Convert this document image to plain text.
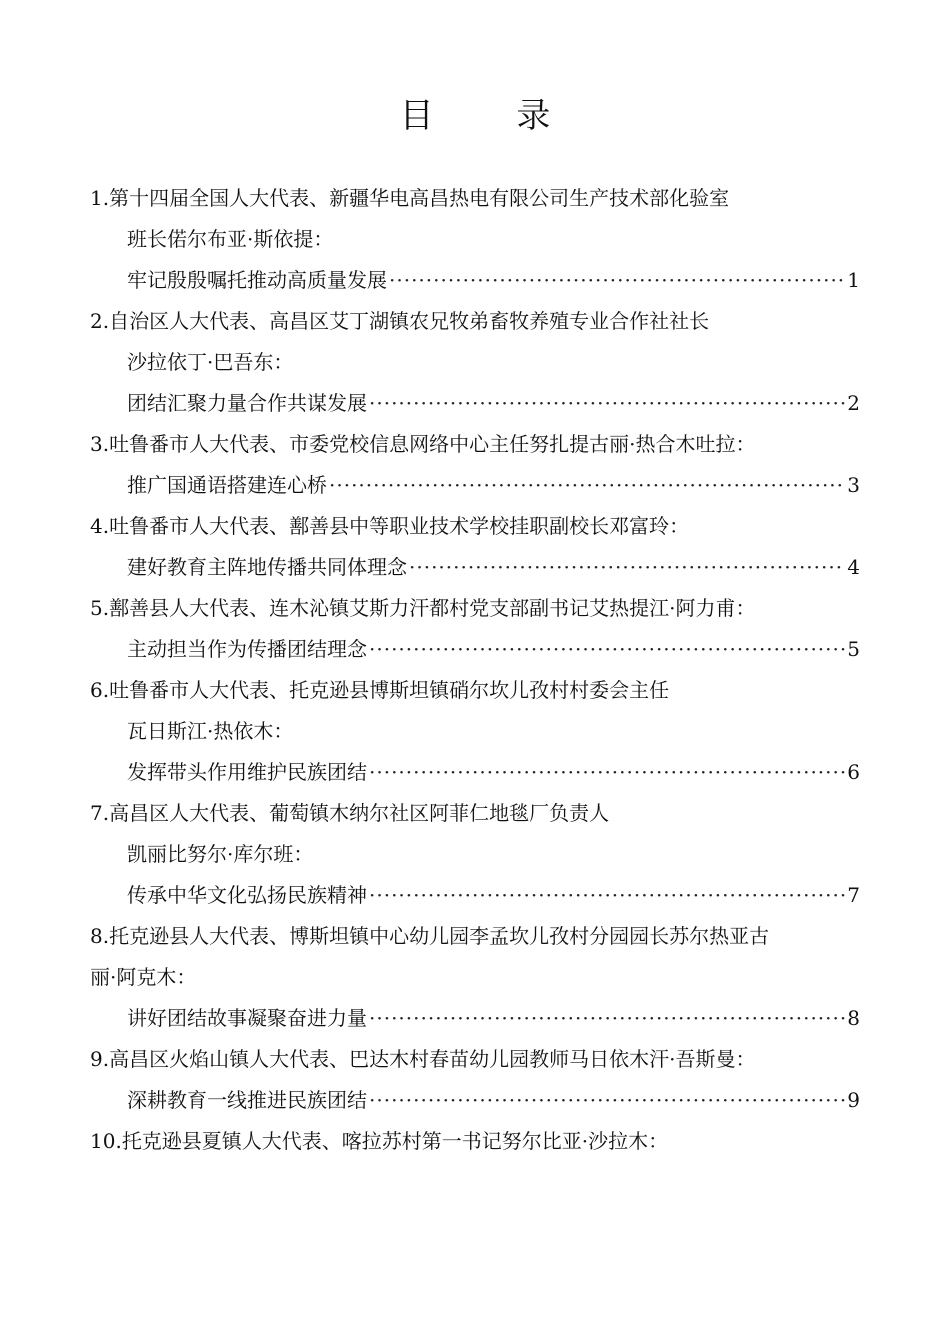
目 录
1.第十四届全国人大代表、新疆华电高昌热电有限公司生产技术部化验室
班长偌尔布亚·斯依提：
牢记殷殷嘱托推动高质量发展 ·····	1
2.自治区人大代表、高昌区艾丁湖镇农兄牧弟畜牧养殖专业合作社社长
沙拉依丁·巴吾东：
团结汇聚力量合作共谋发展 ·····	2
3.吐鲁番市人大代表、市委党校信息网络中心主任努扎提古丽·热合木吐拉：
推广国通语搭建连心桥 ·····	3
4.吐鲁番市人大代表、鄯善县中等职业技术学校挂职副校长邓富玲：
建好教育主阵地传播共同体理念 ·····	4
5.鄯善县人大代表、连木沁镇艾斯力汗都村党支部副书记艾热提江·阿力甫：
主动担当作为传播团结理念 ·····	5
6.吐鲁番市人大代表、托克逊县博斯坦镇硝尔坎儿孜村村委会主任
瓦日斯江·热依木：
发挥带头作用维护民族团结 ·····	6
7.高昌区人大代表、葡萄镇木纳尔社区阿菲仁地毯厂负责人
凯丽比努尔·库尔班：
传承中华文化弘扬民族精神 ·····	7
8.托克逊县人大代表、博斯坦镇中心幼儿园李孟坎儿孜村分园园长苏尔热亚古
丽·阿克木：
讲好团结故事凝聚奋进力量 ·····	8
9.高昌区火焰山镇人大代表、巴达木村春苗幼儿园教师马日依木汗·吾斯曼：
深耕教育一线推进民族团结 ·····	9
10.托克逊县夏镇人大代表、喀拉苏村第一书记努尔比亚·沙拉木：
